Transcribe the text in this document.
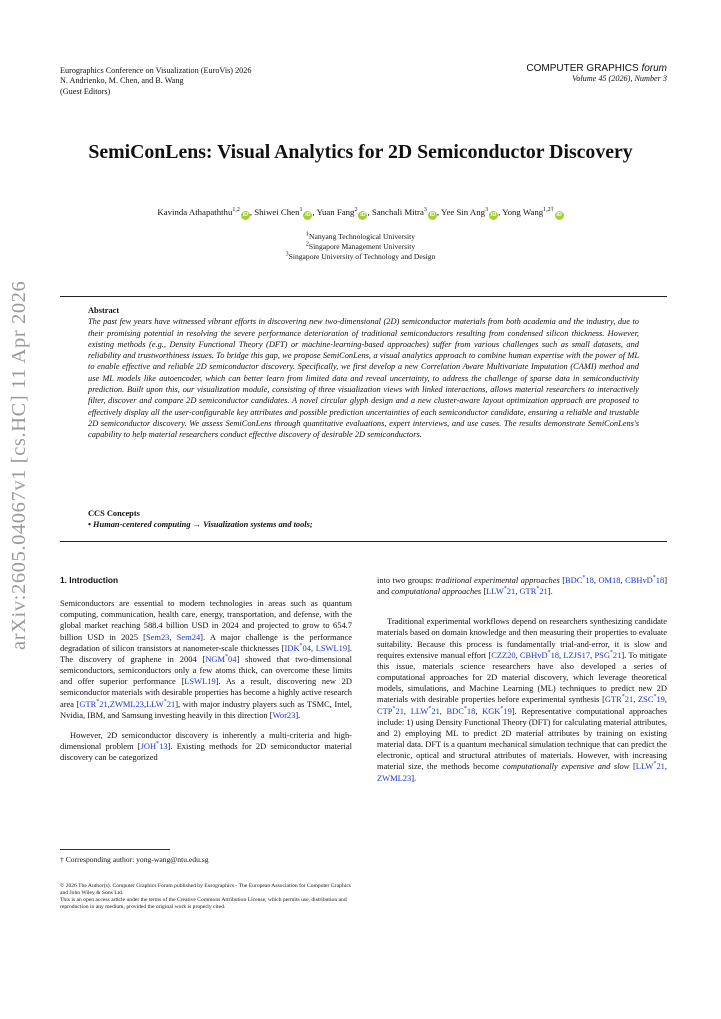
Eurographics Conference on Visualization (EuroVis) 2026
N. Andrienko, M. Chen, and B. Wang
(Guest Editors)
COMPUTER GRAPHICS forum
Volume 45 (2026), Number 3
arXiv:2605.04067v1 [cs.HC] 11 Apr 2026
SemiConLens: Visual Analytics for 2D Semiconductor Discovery
Kavinda Athapaththu$^{1,2}$iD , Shiwei Chen$^1$iD , Yuan Fang$^2$iD , Sanchali Mitra$^3$iD , Yee Sin Ang$^3$iD , Yong Wang$^{1,2\dagger}$iD
$^1$Nanyang Technological University
$^2$Singapore Management University
$^3$Singapore University of Technology and Design
Abstract
The past few years have witnessed vibrant efforts in discovering new two-dimensional (2D) semiconductor materials from both academia and the industry, due to their promising potential in resolving the severe performance deterioration of traditional semiconductors resulting from condensed silicon thickness. However, existing methods (e.g., Density Functional Theory (DFT) or machine-learning-based approaches) suffer from various challenges such as small datasets, and reliability and trustworthiness issues. To bridge this gap, we propose SemiConLens, a visual analytics approach to combine human expertise with the power of ML to enable effective and reliable 2D semiconductor discovery. Specifically, we first develop a new Correlation Aware Multivariate Imputation (CAMI) method and use ML models like autoencoder, which can better learn from limited data and reveal uncertainty, to address the challenge of sparse data in semiconductivity prediction. Built upon this, our visualization module, consisting of three visualization views with linked interactions, allows material researchers to interactively filter, discover and compare 2D semiconductor candidates. A novel circular glyph design and a new cluster-aware layout optimization approach are proposed to effectively display all the user-configurable key attributes and possible prediction uncertainties of each semiconductor candidate, ensuring a reliable and trustable 2D semiconductor discovery. We assess SemiConLens through quantitative evaluations, expert interviews, and use cases. The results demonstrate SemiConLens's capability to help material researchers conduct effective discovery of desirable 2D semiconductors.
CCS Concepts
• Human-centered computing → Visualization systems and tools;
1. Introduction

Semiconductors are essential to modern technologies in areas such as quantum computing, communication, health care, energy, transportation, and defense, with the global market reaching 588.4 billion USD in 2024 and projected to grow to 654.7 billion USD in 2025 [Sem23, Sem24]. A major challenge is the performance degradation of silicon transistors at nanometer-scale thicknesses [IDK*04, LSWL19]. The discovery of graphene in 2004 [NGM*04] showed that two-dimensional semiconductors, semiconductors only a few atoms thick, can overcome these limits and offer superior performance [LSWL19]. As a result, discovering new 2D semiconductor materials with desirable properties has become a highly active research area [GTR*21,ZWML23,LLW*21], with major industry players such as TSMC, Intel, Nvidia, IBM, and Samsung investing heavily in this direction [Wor23].

However, 2D semiconductor discovery is inherently a multi-criteria and high-dimensional problem [JOH*13]. Existing methods for 2D semiconductor material discovery can be categorized

into two groups: traditional experimental approaches [BDC*18, OM18, CBHvD*18] and computational approaches [LLW*21, GTR*21].

Traditional experimental workflows depend on researchers synthesizing candidate materials based on domain knowledge and then measuring their properties to evaluate suitability. Because this process is fundamentally trial-and-error, it is slow and requires extensive manual effort [CZZ20, CBHvD*18, LZJS17, PSG*21]. To mitigate this issue, materials science researchers have also developed a series of computational approaches for 2D material discovery, which leverage theoretical models, simulations, and Machine Learning (ML) techniques to predict new 2D materials with desirable properties before experimental synthesis [GTR*21, ZSC*19, CTP*21, LLW*21, BDC*18, KGK*19]. Representative computational approaches include: 1) using Density Functional Theory (DFT) for calculating material attributes, and 2) employing ML to predict 2D material attributes by training on existing material data. DFT is a quantum mechanical simulation technique that can predict the electronic, optical and structural attributes of materials. However, with increasing material size, the methods become computationally expensive and slow [LLW*21, ZWML23].

† Corresponding author: yong-wang@ntu.edu.sg
© 2026 The Author(s). Computer Graphics Forum published by Eurographics - The European Association for Computer Graphics and John Wiley & Sons Ltd.
This is an open access article under the terms of the Creative Commons Attribution License, which permits use, distribution and reproduction in any medium, provided the original work is properly cited.
